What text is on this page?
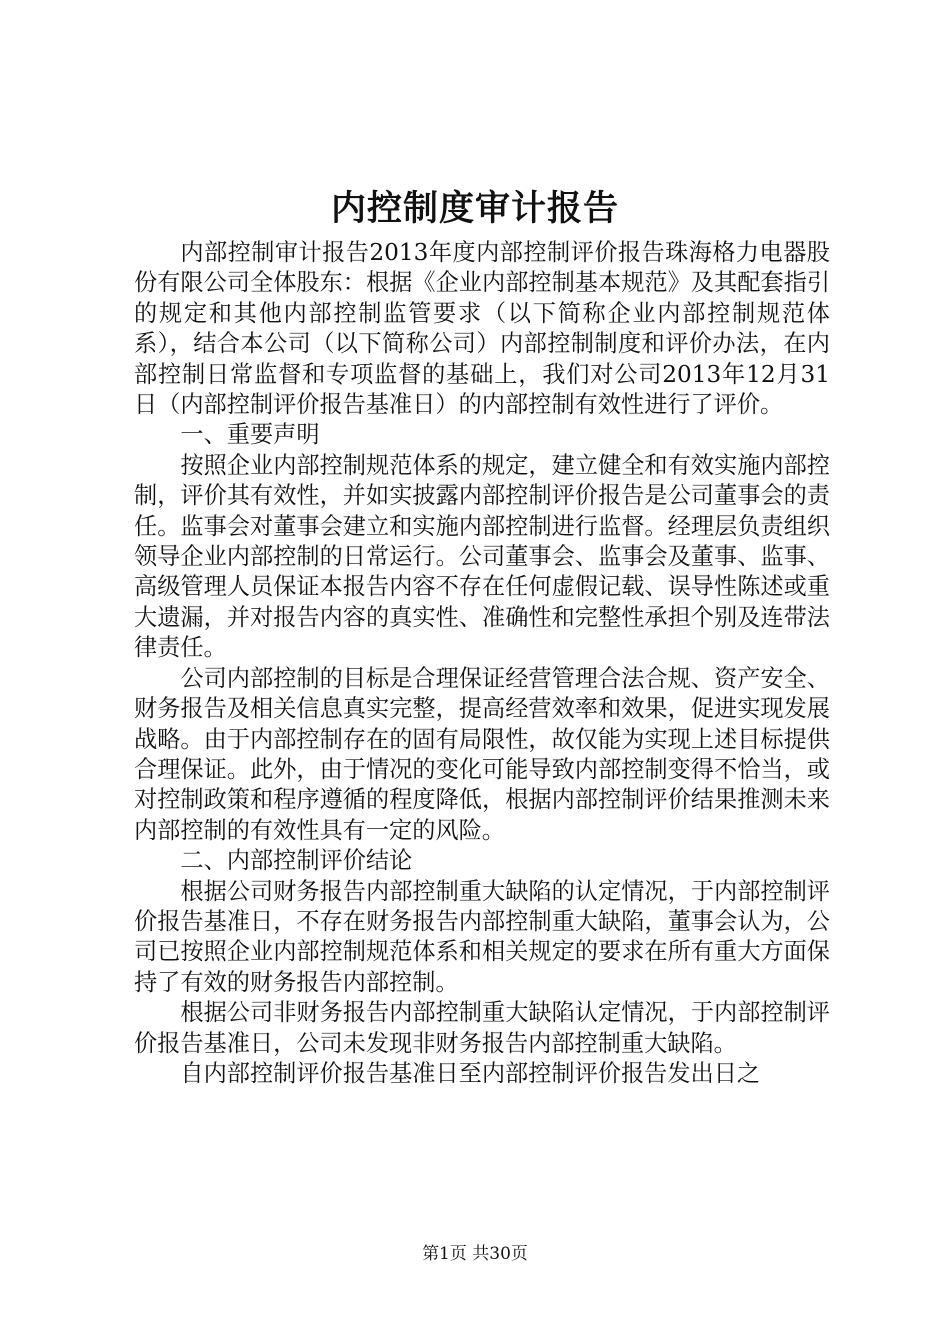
内控制度审计报告

内部控制审计报告2013年度内部控制评价报告珠海格力电器股份有限公司全体股东：根据《企业内部控制基本规范》及其配套指引的规定和其他内部控制监管要求（以下简称企业内部控制规范体系），结合本公司（以下简称公司）内部控制制度和评价办法，在内部控制日常监督和专项监督的基础上，我们对公司2013年12月31日（内部控制评价报告基准日）的内部控制有效性进行了评价。

一、重要声明

按照企业内部控制规范体系的规定，建立健全和有效实施内部控制，评价其有效性，并如实披露内部控制评价报告是公司董事会的责任。监事会对董事会建立和实施内部控制进行监督。经理层负责组织领导企业内部控制的日常运行。公司董事会、监事会及董事、监事、高级管理人员保证本报告内容不存在任何虚假记载、误导性陈述或重大遗漏，并对报告内容的真实性、准确性和完整性承担个别及连带法律责任。

公司内部控制的目标是合理保证经营管理合法合规、资产安全、财务报告及相关信息真实完整，提高经营效率和效果，促进实现发展战略。由于内部控制存在的固有局限性，故仅能为实现上述目标提供合理保证。此外，由于情况的变化可能导致内部控制变得不恰当，或对控制政策和程序遵循的程度降低，根据内部控制评价结果推测未来内部控制的有效性具有一定的风险。

二、内部控制评价结论

根据公司财务报告内部控制重大缺陷的认定情况，于内部控制评价报告基准日，不存在财务报告内部控制重大缺陷，董事会认为，公司已按照企业内部控制规范体系和相关规定的要求在所有重大方面保持了有效的财务报告内部控制。

根据公司非财务报告内部控制重大缺陷认定情况，于内部控制评价报告基准日，公司未发现非财务报告内部控制重大缺陷。

自内部控制评价报告基准日至内部控制评价报告发出日之

第1页 共30页
